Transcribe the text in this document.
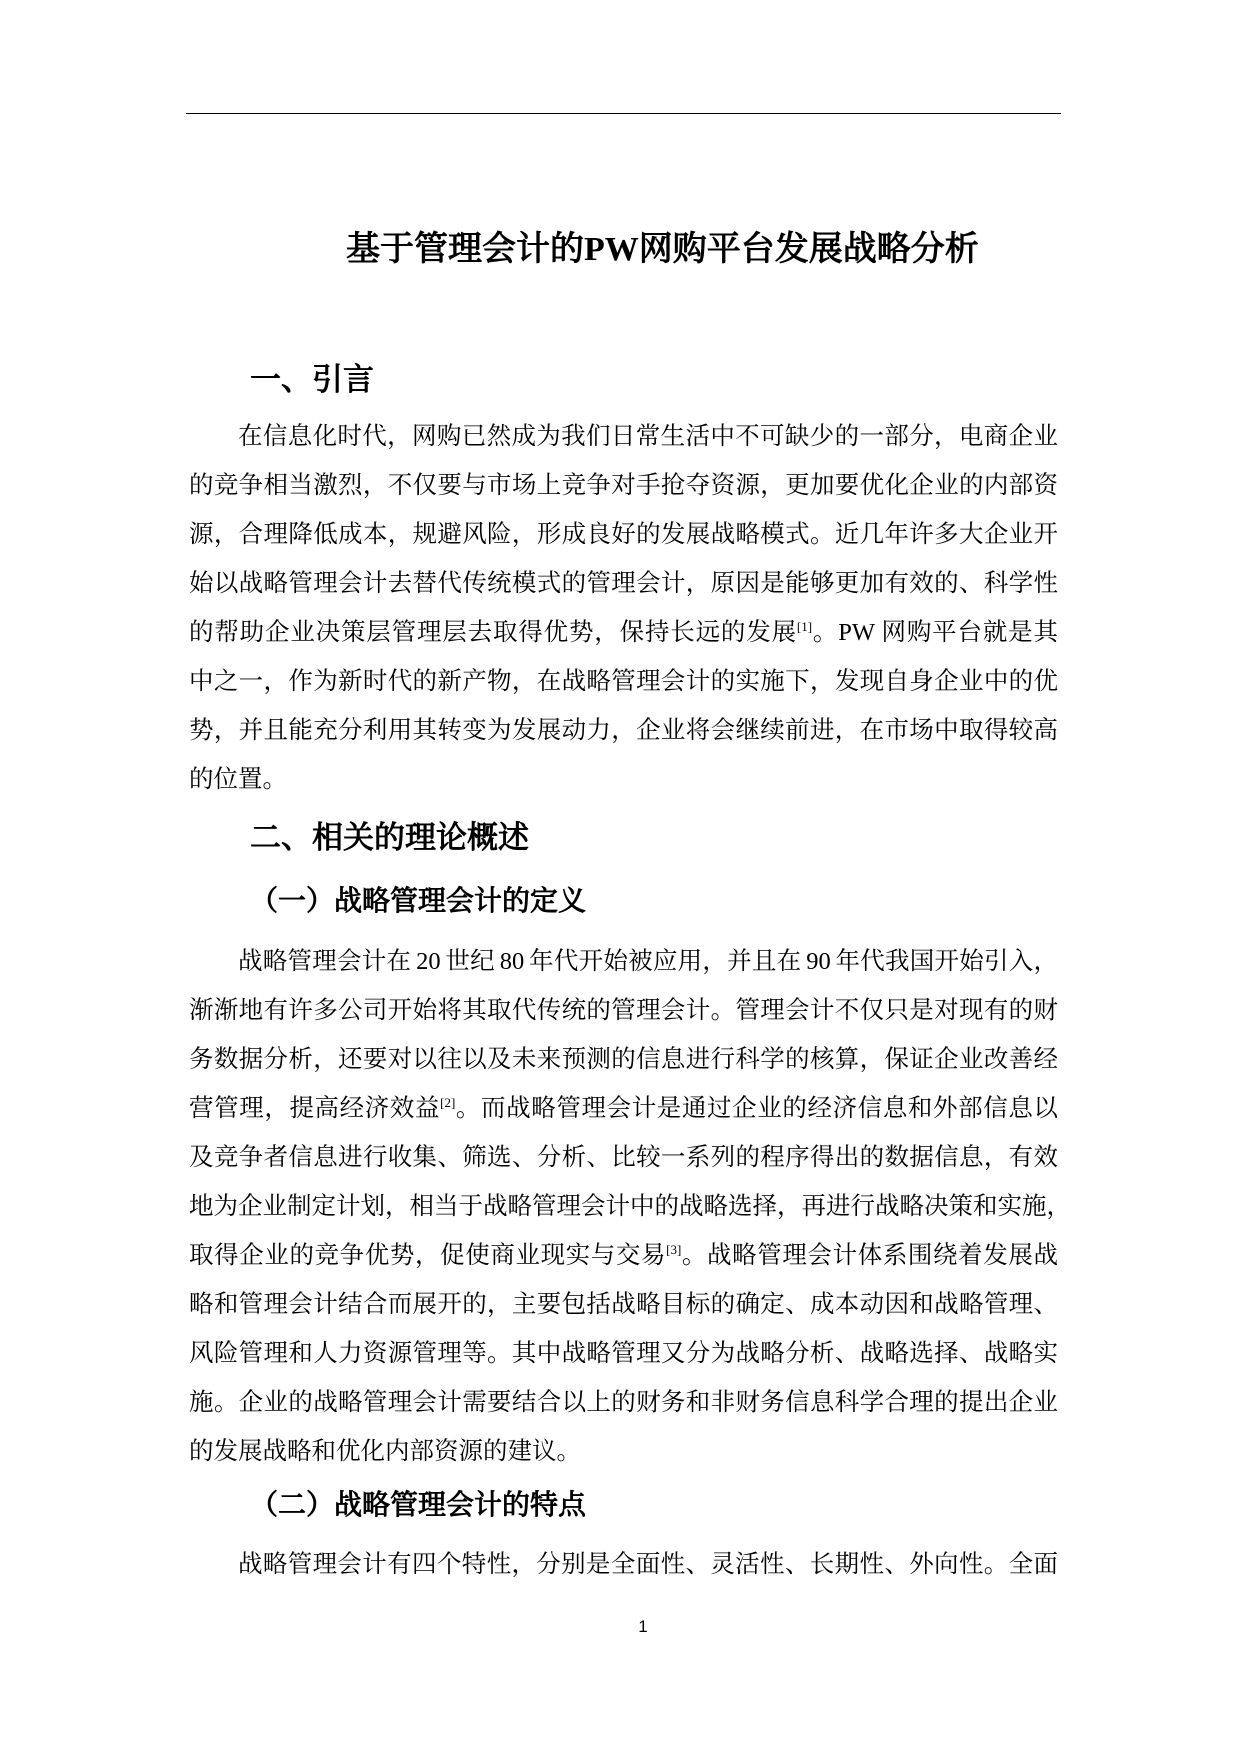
基于管理会计的PW网购平台发展战略分析
一、引言
在信息化时代，网购已然成为我们日常生活中不可缺少的一部分，电商企业
的竞争相当激烈，不仅要与市场上竞争对手抢夺资源，更加要优化企业的内部资
源，合理降低成本，规避风险，形成良好的发展战略模式。近几年许多大企业开
始以战略管理会计去替代传统模式的管理会计，原因是能够更加有效的、科学性
的帮助企业决策层管理层去取得优势，保持长远的发展[1]。PW 网购平台就是其
中之一，作为新时代的新产物，在战略管理会计的实施下，发现自身企业中的优
势，并且能充分利用其转变为发展动力，企业将会继续前进，在市场中取得较高
的位置。
二、相关的理论概述
（一）战略管理会计的定义
战略管理会计在 20 世纪 80 年代开始被应用，并且在 90 年代我国开始引入，
渐渐地有许多公司开始将其取代传统的管理会计。管理会计不仅只是对现有的财
务数据分析，还要对以往以及未来预测的信息进行科学的核算，保证企业改善经
营管理，提高经济效益[2]。而战略管理会计是通过企业的经济信息和外部信息以
及竞争者信息进行收集、筛选、分析、比较一系列的程序得出的数据信息，有效
地为企业制定计划，相当于战略管理会计中的战略选择，再进行战略决策和实施，
取得企业的竞争优势，促使商业现实与交易[3]。战略管理会计体系围绕着发展战
略和管理会计结合而展开的，主要包括战略目标的确定、成本动因和战略管理、
风险管理和人力资源管理等。其中战略管理又分为战略分析、战略选择、战略实
施。企业的战略管理会计需要结合以上的财务和非财务信息科学合理的提出企业
的发展战略和优化内部资源的建议。
（二）战略管理会计的特点
战略管理会计有四个特性，分别是全面性、灵活性、长期性、外向性。全面
1
